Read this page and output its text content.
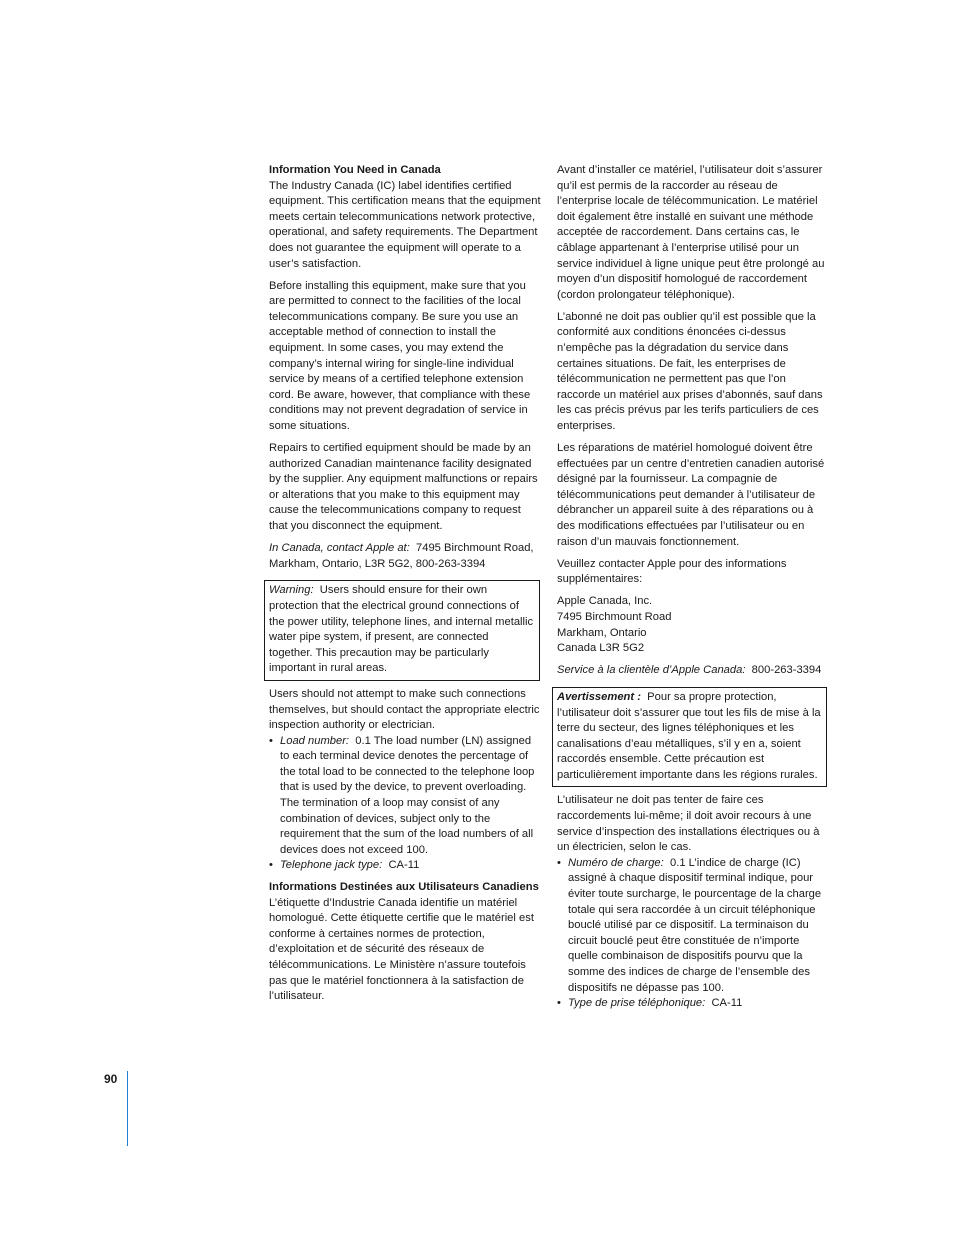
Information You Need in Canada

The Industry Canada (IC) label identifies certified equipment. This certification means that the equipment meets certain telecommunications network protective, operational, and safety requirements. The Department does not guarantee the equipment will operate to a user’s satisfaction.

Before installing this equipment, make sure that you are permitted to connect to the facilities of the local telecommunications company. Be sure you use an acceptable method of connection to install the equipment. In some cases, you may extend the company’s internal wiring for single-line individual service by means of a certified telephone extension cord. Be aware, however, that compliance with these conditions may not prevent degradation of service in some situations.

Repairs to certified equipment should be made by an authorized Canadian maintenance facility designated by the supplier. Any equipment malfunctions or repairs or alterations that you make to this equipment may cause the telecommunications company to request that you disconnect the equipment.

In Canada, contact Apple at: 7495 Birchmount Road, Markham, Ontario, L3R 5G2, 800-263-3394

Warning: Users should ensure for their own protection that the electrical ground connections of the power utility, telephone lines, and internal metallic water pipe system, if present, are connected together. This precaution may be particularly important in rural areas.

Users should not attempt to make such connections themselves, but should contact the appropriate electric inspection authority or electrician.

• Load number: 0.1 The load number (LN) assigned to each terminal device denotes the percentage of the total load to be connected to the telephone loop that is used by the device, to prevent overloading. The termination of a loop may consist of any combination of devices, subject only to the requirement that the sum of the load numbers of all devices does not exceed 100.
• Telephone jack type: CA-11
Informations Destinées aux Utilisateurs Canadiens

L’étiquette d’Industrie Canada identifie un matériel homologué. Cette étiquette certifie que le matériel est conforme à certaines normes de protection, d’exploitation et de sécurité des réseaux de télécommunications. Le Ministère n’assure toutefois pas que le matériel fonctionnera à la satisfaction de l’utilisateur.

Avant d’installer ce matériel, l’utilisateur doit s’assurer qu’il est permis de la raccorder au réseau de l’enterprise locale de télécommunication. Le matériel doit également être installé en suivant une méthode acceptée de raccordement. Dans certains cas, le câblage appartenant à l’enterprise utilisé pour un service individuel à ligne unique peut être prolongé au moyen d’un dispositif homologué de raccordement (cordon prolongateur téléphonique).

L’abonné ne doit pas oublier qu’il est possible que la conformité aux conditions énoncées ci-dessus n’empêche pas la dégradation du service dans certaines situations. De fait, les enterprises de télécommunication ne permettent pas que l’on raccorde un matériel aux prises d’abonnés, sauf dans les cas précis prévus par les terifs particuliers de ces enterprises.

Les réparations de matériel homologué doivent être effectuées par un centre d’entretien canadien autorisé désigné par la fournisseur. La compagnie de télécommunications peut demander à l’utilisateur de débrancher un appareil suite à des réparations ou à des modifications effectuées par l’utilisateur ou en raison d’un mauvais fonctionnement.

Veuillez contacter Apple pour des informations supplémentaires:

Apple Canada, Inc.

7495 Birchmount Road

Markham, Ontario

Canada L3R 5G2

Service à la clientèle d’Apple Canada: 800-263-3394

Avertissement : Pour sa propre protection, l’utilisateur doit s’assurer que tout les fils de mise à la terre du secteur, des lignes téléphoniques et les canalisations d’eau métalliques, s’il y en a, soient raccordés ensemble. Cette précaution est particulièrement importante dans les régions rurales.

L’utilisateur ne doit pas tenter de faire ces raccordements lui-même; il doit avoir recours à une service d’inspection des installations électriques ou à un électricien, selon le cas.

• Numéro de charge: 0.1 L’indice de charge (IC) assigné à chaque dispositif terminal indique, pour éviter toute surcharge, le pourcentage de la charge totale qui sera raccordée à un circuit téléphonique bouclé utilisé par ce dispositif. La terminaison du circuit bouclé peut être constituée de n’importe quelle combinaison de dispositifs pourvu que la somme des indices de charge de l’ensemble des dispositifs ne dépasse pas 100.
• Type de prise téléphonique: CA-11
90
